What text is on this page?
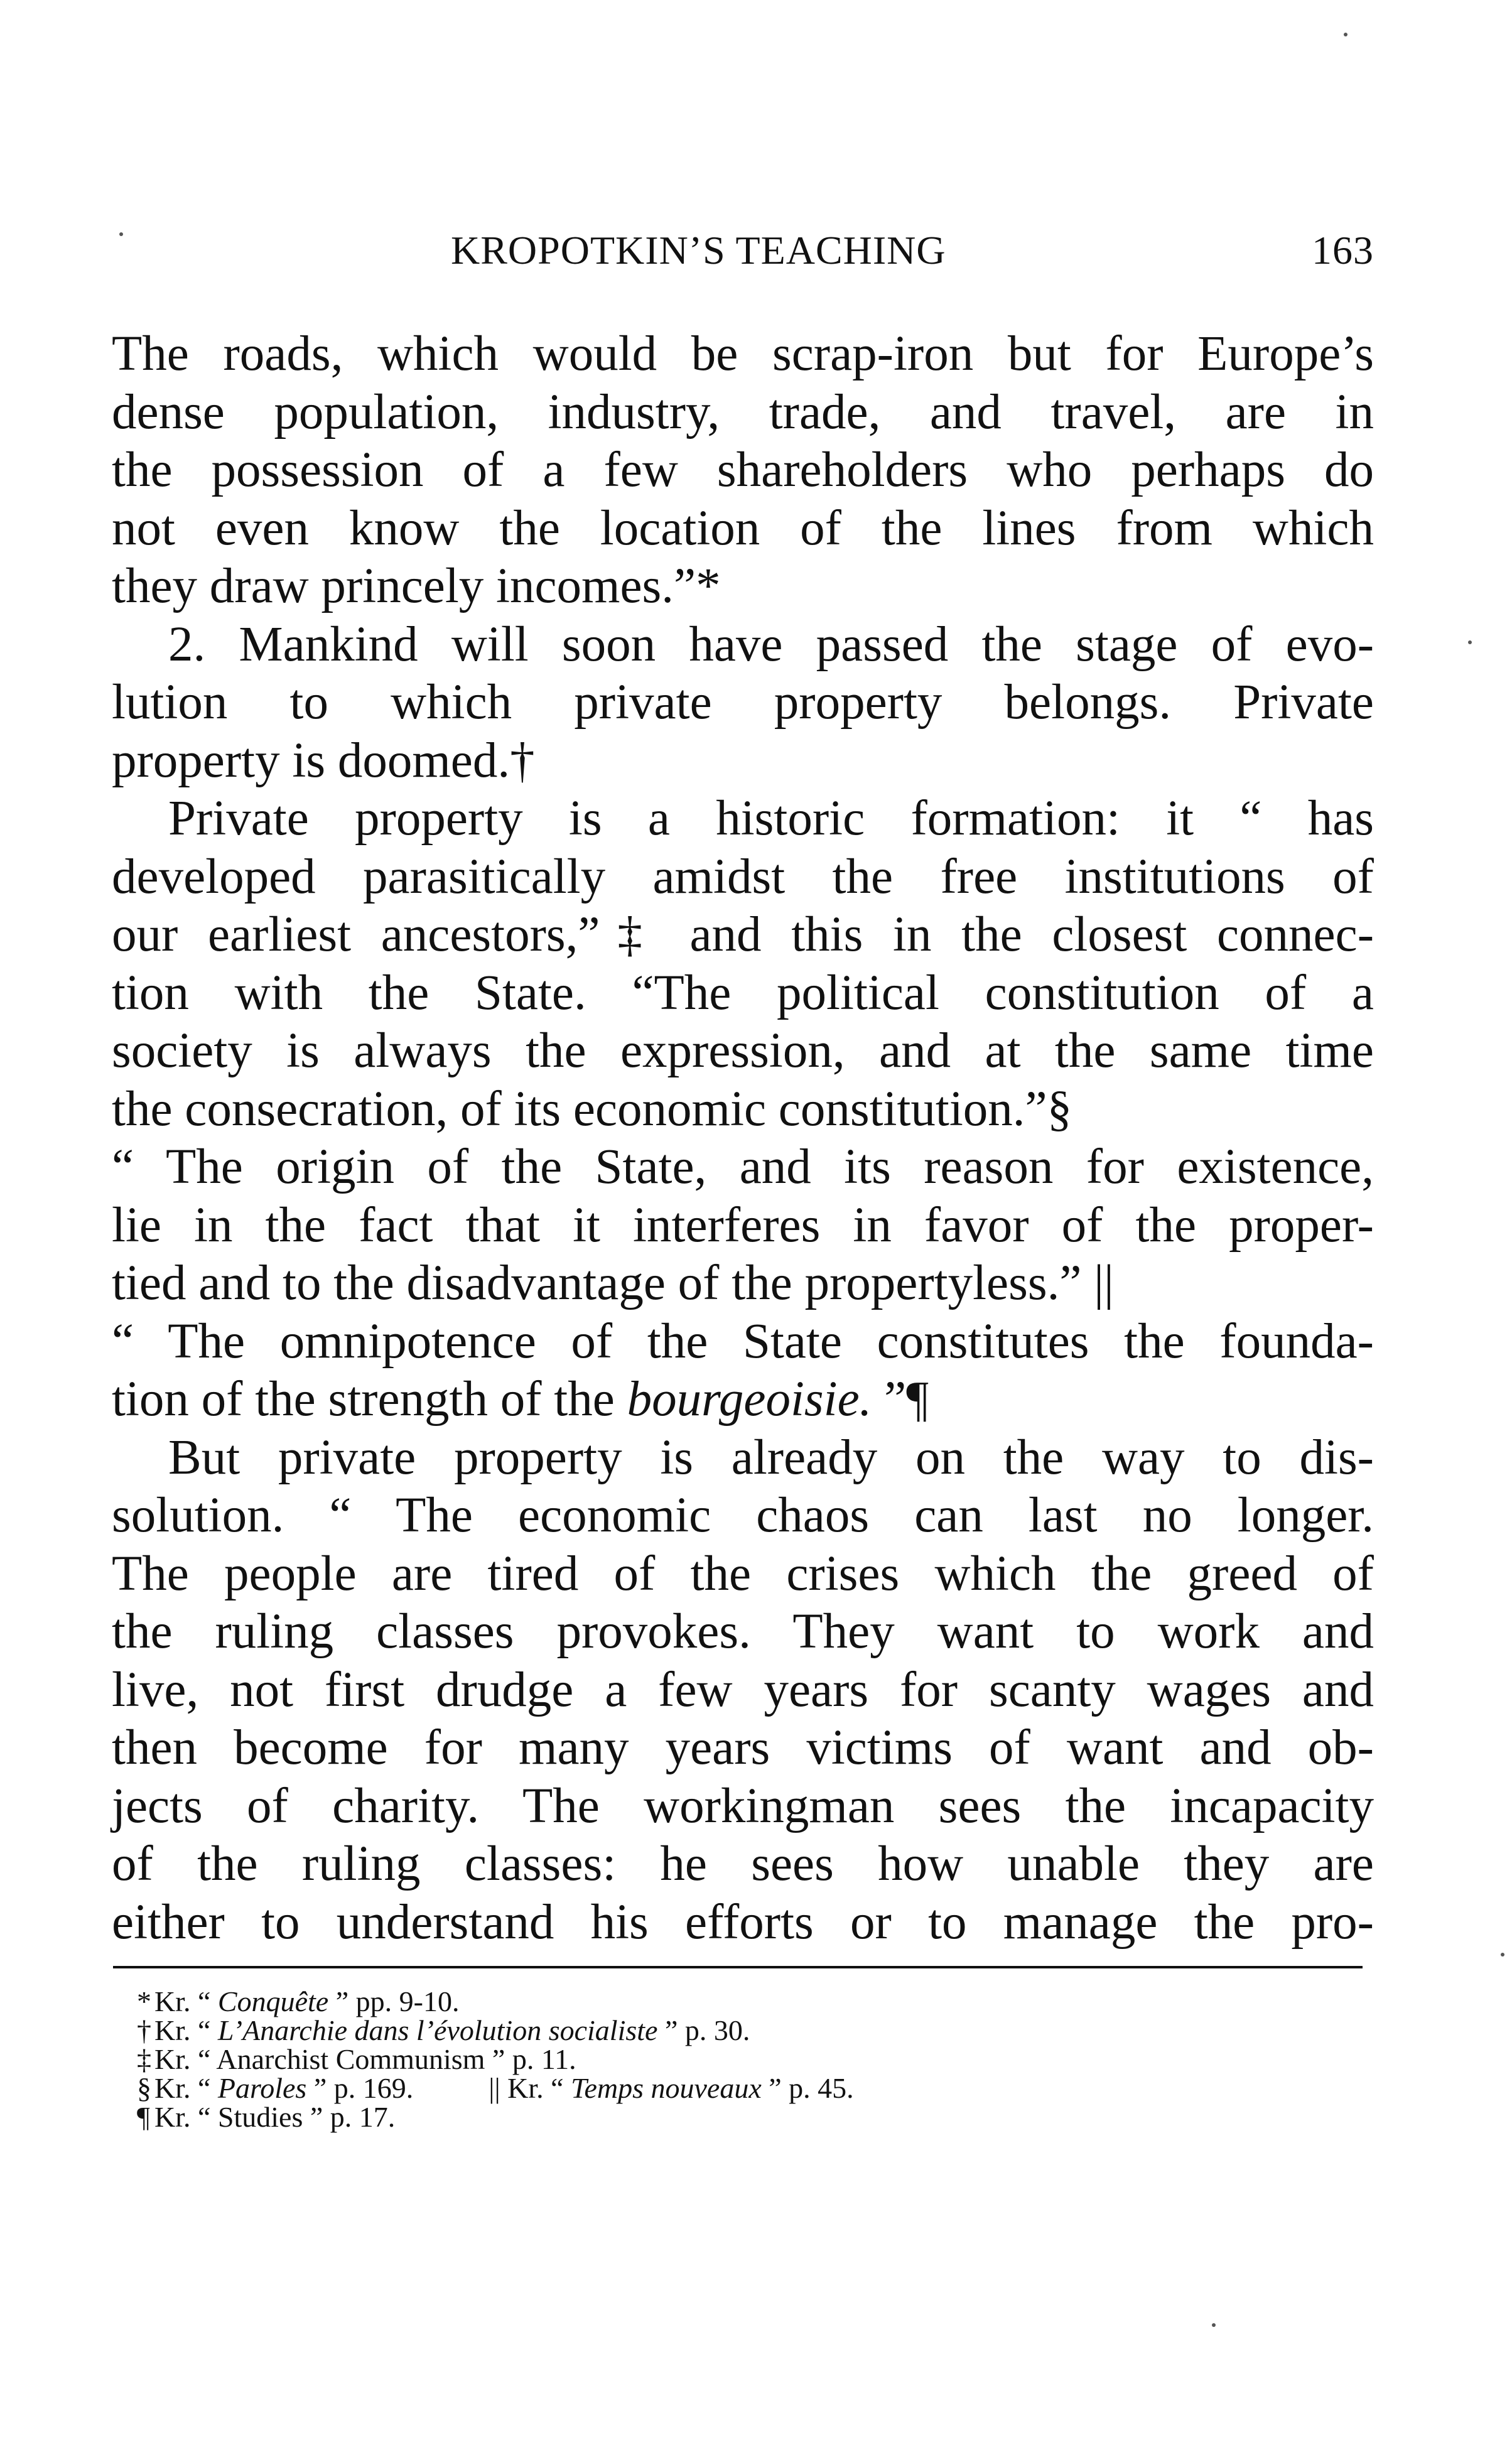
KROPOTKIN’S TEACHING	163
The roads, which would be scrap-iron but for Europe’s
dense population, industry, trade, and travel, are in
the possession of a few shareholders who perhaps do
not even know the location of the lines from which
they draw princely incomes.”*
2. Mankind will soon have passed the stage of evo-
lution to which private property belongs. Private
property is doomed.†
Private property is a historic formation: it “ has
developed parasitically amidst the free institutions of
our earliest ancestors,”‡ and this in the closest connec-
tion with the State. “The political constitution of a
society is always the expression, and at the same time
the consecration, of its economic constitution.”§
“ The origin of the State, and its reason for existence,
lie in the fact that it interferes in favor of the proper-
tied and to the disadvantage of the propertyless.” ||
“ The omnipotence of the State constitutes the founda-
tion of the strength of the bourgeoisie. ”¶
But private property is already on the way to dis-
solution. “ The economic chaos can last no longer.
The people are tired of the crises which the greed of
the ruling classes provokes. They want to work and
live, not first drudge a few years for scanty wages and
then become for many years victims of want and ob-
jects of charity. The workingman sees the incapacity
of the ruling classes: he sees how unable they are
either to understand his efforts or to manage the pro-
* Kr. “ Conquête ” pp. 9-10.
† Kr. “ L’Anarchie dans l’évolution socialiste ” p. 30.
‡ Kr. “ Anarchist Communism ” p. 11.
§ Kr. “ Paroles ” p. 169.	|| Kr. “ Temps nouveaux ” p. 45.
¶ Kr. “ Studies ” p. 17.
